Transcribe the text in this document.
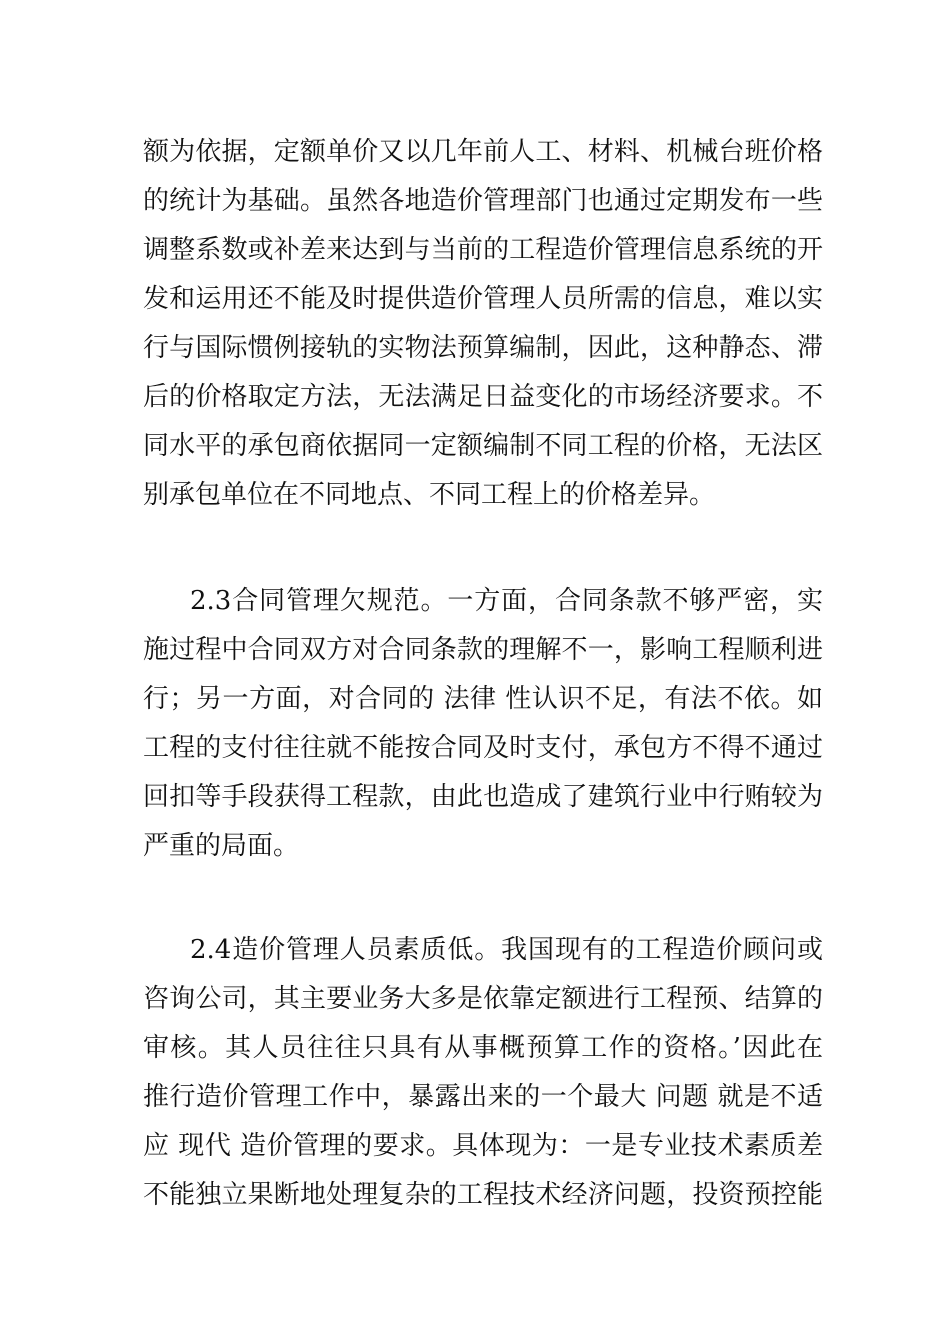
额为依据，定额单价又以几年前人工、材料、机械台班价格
的统计为基础。虽然各地造价管理部门也通过定期发布一些
调整系数或补差来达到与当前的工程造价管理信息系统的开
发和运用还不能及时提供造价管理人员所需的信息，难以实
行与国际惯例接轨的实物法预算编制，因此，这种静态、滞
后的价格取定方法，无法满足日益变化的市场经济要求。不
同水平的承包商依据同一定额编制不同工程的价格，无法区
别承包单位在不同地点、不同工程上的价格差异。
2.3合同管理欠规范。一方面，合同条款不够严密，实
施过程中合同双方对合同条款的理解不一，影响工程顺利进
行；另一方面，对合同的 法律 性认识不足，有法不依。如
工程的支付往往就不能按合同及时支付，承包方不得不通过
回扣等手段获得工程款，由此也造成了建筑行业中行贿较为
严重的局面。
2.4造价管理人员素质低。我国现有的工程造价顾问或
咨询公司，其主要业务大多是依靠定额进行工程预、结算的
审核。其人员往往只具有从事概预算工作的资格。’因此在
推行造价管理工作中，暴露出来的一个最大 问题 就是不适
应 现代 造价管理的要求。具体现为：一是专业技术素质差
不能独立果断地处理复杂的工程技术经济问题，投资预控能
